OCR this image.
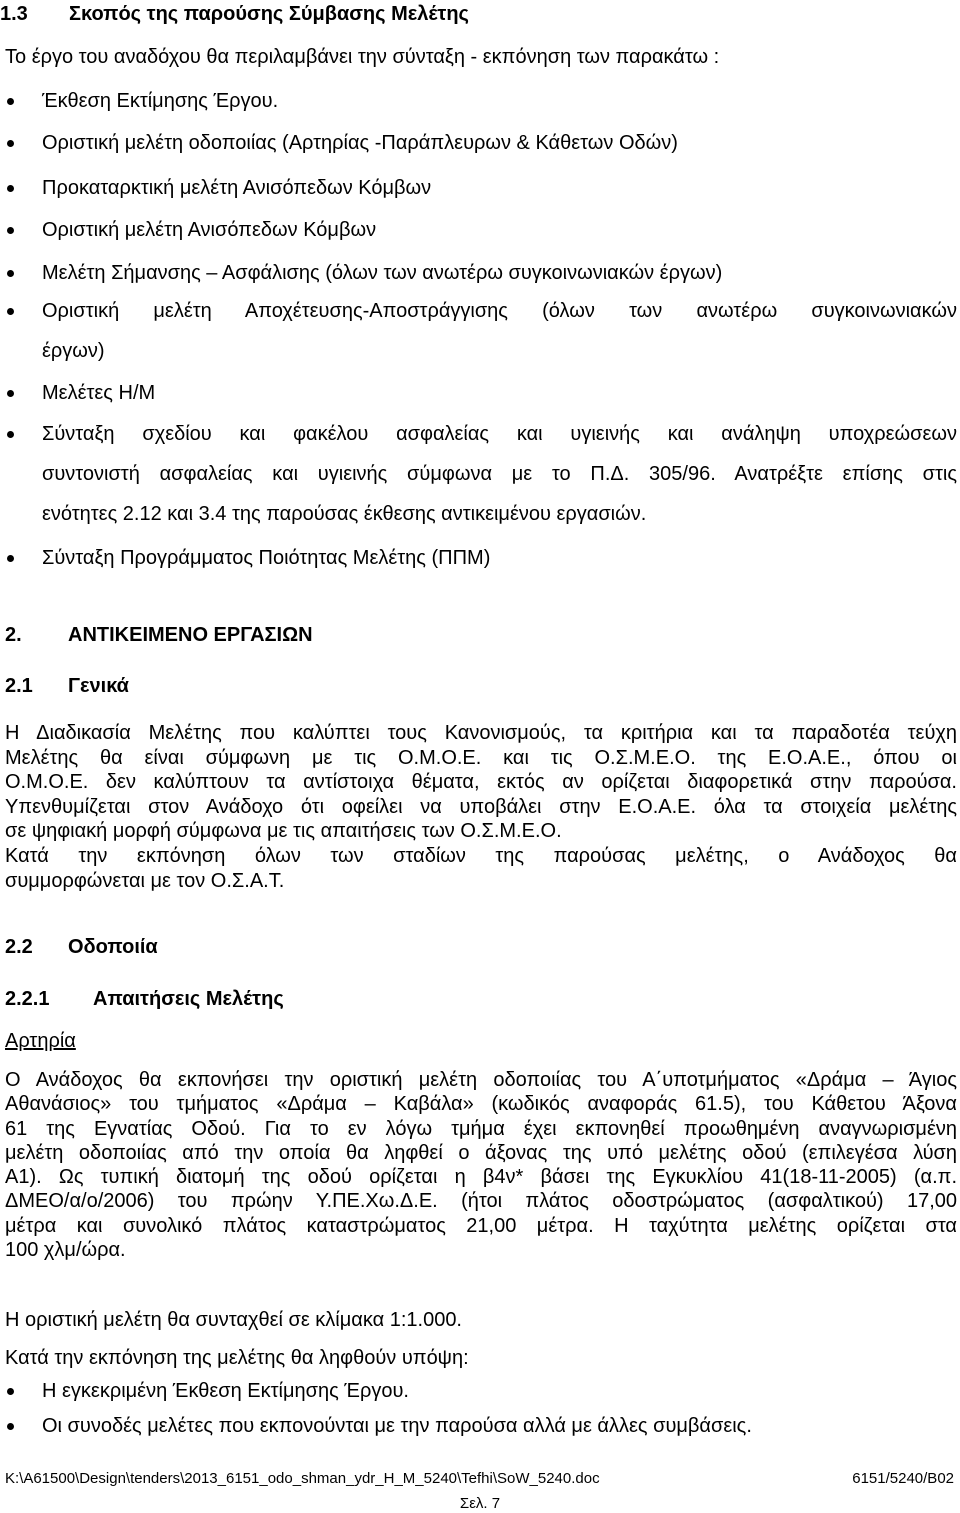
1.3 Σκοπός της παρούσης Σύμβασης Μελέτης

Το έργο του αναδόχου θα περιλαμβάνει την σύνταξη - εκπόνηση των παρακάτω :

Έκθεση Εκτίμησης Έργου.
Οριστική μελέτη οδοποιίας (Αρτηρίας -Παράπλευρων & Κάθετων Οδών)
Προκαταρκτική μελέτη Ανισόπεδων Κόμβων
Οριστική μελέτη Ανισόπεδων Κόμβων
Μελέτη Σήμανσης – Ασφάλισης (όλων των ανωτέρω συγκοινωνιακών έργων)
Οριστική μελέτη Αποχέτευσης-Αποστράγγισης (όλων των ανωτέρω συγκοινωνιακών
έργων)
Μελέτες Η/Μ
Σύνταξη σχεδίου και φακέλου ασφαλείας και υγιεινής και ανάληψη υποχρεώσεων
συντονιστή ασφαλείας και υγιεινής σύμφωνα με το Π.Δ. 305/96. Ανατρέξτε επίσης στις
ενότητες 2.12 και 3.4 της παρούσας έκθεσης αντικειμένου εργασιών.
Σύνταξη Προγράμματος Ποιότητας Μελέτης (ΠΠΜ)
2. ΑΝΤΙΚΕΙΜΕΝΟ ΕΡΓΑΣΙΩΝ
2.1 Γενικά
Η Διαδικασία Μελέτης που καλύπτει τους Κανονισμούς, τα κριτήρια και τα παραδοτέα τεύχη
Μελέτης θα είναι σύμφωνη με τις Ο.Μ.Ο.Ε. και τις Ο.Σ.Μ.Ε.Ο. της Ε.Ο.Α.Ε., όπου οι
Ο.Μ.Ο.Ε. δεν καλύπτουν τα αντίστοιχα θέματα, εκτός αν ορίζεται διαφορετικά στην παρούσα.
Υπενθυμίζεται στον Ανάδοχο ότι οφείλει να υποβάλει στην Ε.Ο.Α.Ε. όλα τα στοιχεία μελέτης
σε ψηφιακή μορφή σύμφωνα με τις απαιτήσεις των Ο.Σ.Μ.Ε.Ο.
Κατά την εκπόνηση όλων των σταδίων της παρούσας μελέτης, ο Ανάδοχος θα
συμμορφώνεται με τον Ο.Σ.Α.Τ.
2.2 Οδοποιία
2.2.1 Απαιτήσεις Μελέτης
Αρτηρία
Ο Ανάδοχος θα εκπονήσει την οριστική μελέτη οδοποιίας του Α΄υποτμήματος «Δράμα – Άγιος
Αθανάσιος» του τμήματος «Δράμα – Καβάλα» (κωδικός αναφοράς 61.5), του Κάθετου Άξονα
61 της Εγνατίας Οδού. Για το εν λόγω τμήμα έχει εκπονηθεί προωθημένη αναγνωρισμένη
μελέτη οδοποιίας από την οποία θα ληφθεί ο άξονας της υπό μελέτης οδού (επιλεγέσα λύση
Α1). Ως τυπική διατομή της οδού ορίζεται η β4ν* βάσει της Εγκυκλίου 41(18-11-2005) (α.π.
ΔΜΕΟ/α/ο/2006) του πρώην Υ.ΠΕ.Χω.Δ.Ε. (ήτοι πλάτος οδοστρώματος (ασφαλτικού) 17,00
μέτρα και συνολικό πλάτος καταστρώματος 21,00 μέτρα. Η ταχύτητα μελέτης ορίζεται στα
100 χλμ/ώρα.

Η οριστική μελέτη θα συνταχθεί σε κλίμακα 1:1.000.

Κατά την εκπόνηση της μελέτης θα ληφθούν υπόψη:

Η εγκεκριμένη Έκθεση Εκτίμησης Έργου.
Οι συνοδές μελέτες που εκπονούνται με την παρούσα αλλά με άλλες συμβάσεις.
K:\A61500\Design\tenders\2013_6151_odo_shman_ydr_H_M_5240\Tefhi\SoW_5240.doc	6151/5240/B02
Σελ. 7
